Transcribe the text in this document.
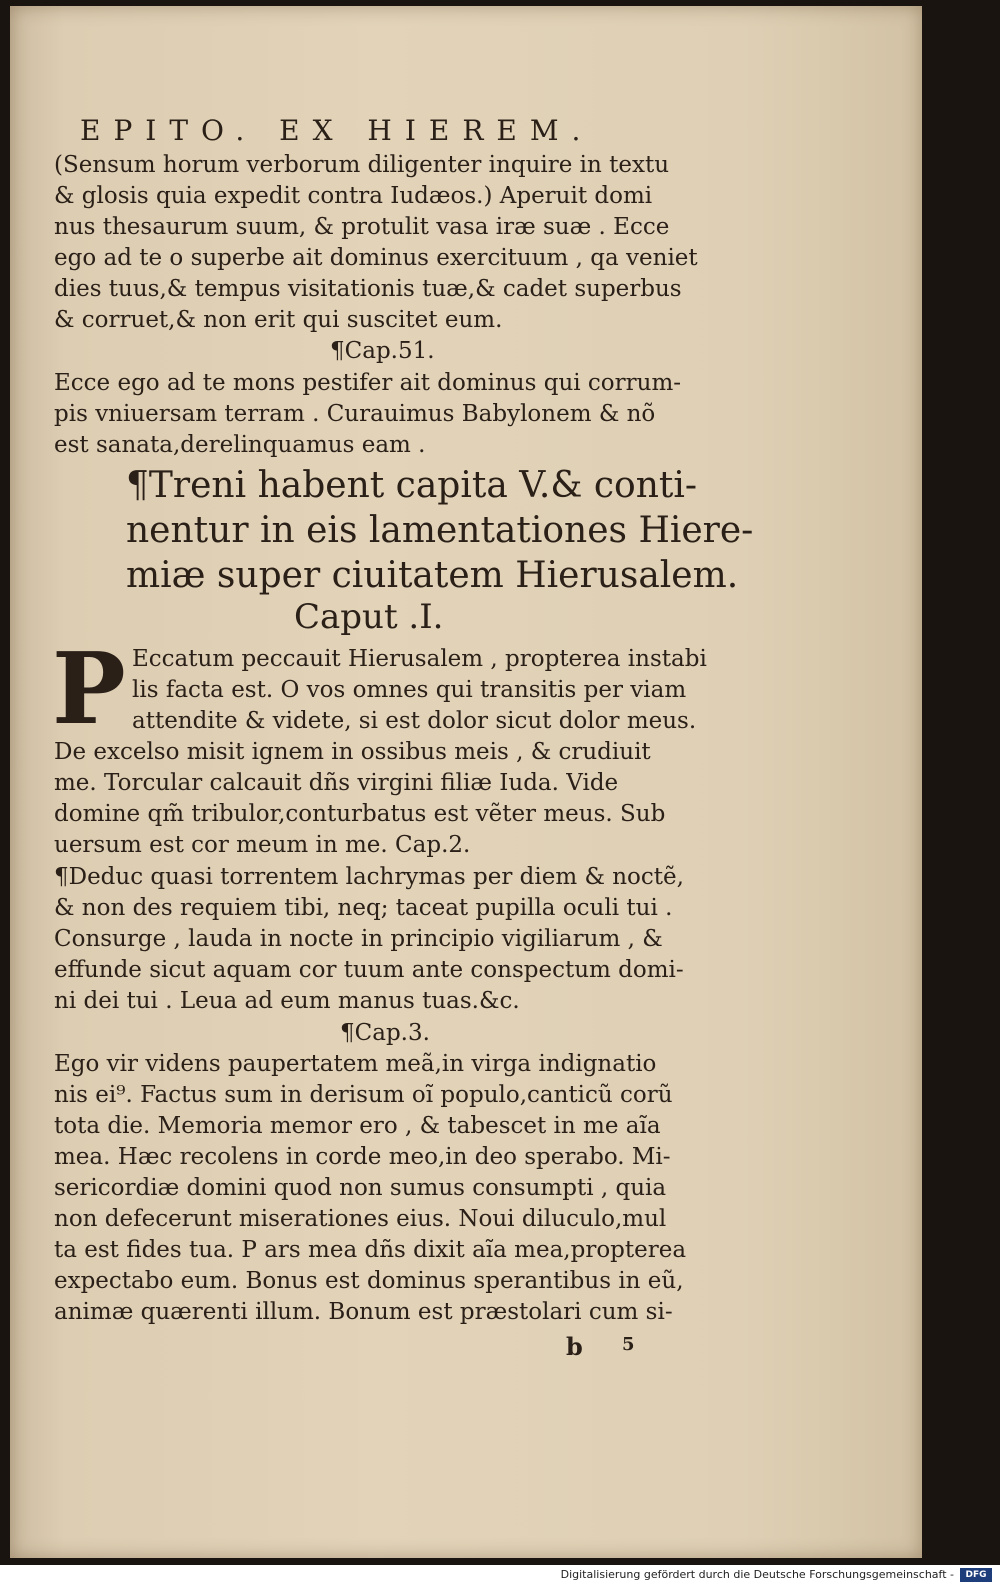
EPITO. EX HIEREM.
(Sensum horum verborum diligenter inquire in textu
& glosis quia expedit contra Iudæos.) Aperuit domi
nus thesaurum suum, & protulit vasa iræ suæ . Ecce
ego ad te o superbe ait dominus exercituum , qa veniet
dies tuus,& tempus visitationis tuæ,& cadet superbus
& corruet,& non erit qui suscitet eum.
¶Cap.51.
Ecce ego ad te mons pestifer ait dominus qui corrum-
pis vniuersam terram . Curauimus Babylonem & nõ
est sanata,derelinquamus eam .
¶Treni habent capita V.& conti-
nentur in eis lamentationes Hiere-
miæ super ciuitatem Hierusalem.
Caput .I.
P Eccatum peccauit Hierusalem , propterea instabi
lis facta est. O vos omnes qui transitis per viam
attendite & videte, si est dolor sicut dolor meus.
De excelso misit ignem in ossibus meis , & crudiuit
me. Torcular calcauit dñs virgini filiæ Iuda. Vide
domine qm̃ tribulor,conturbatus est vẽter meus. Sub
uersum est cor meum in me. Cap.2.
¶Deduc quasi torrentem lachrymas per diem & noctẽ,
& non des requiem tibi, neq; taceat pupilla oculi tui .
Consurge , lauda in nocte in principio vigiliarum , &
effunde sicut aquam cor tuum ante conspectum domi-
ni dei tui . Leua ad eum manus tuas.&c.
¶Cap.3.
Ego vir videns paupertatem meã,in virga indignatio
nis ei⁹. Factus sum in derisum oĩ populo,canticũ corũ
tota die. Memoria memor ero , & tabescet in me aĩa
mea. Hæc recolens in corde meo,in deo sperabo. Mi-
sericordiæ domini quod non sumus consumpti , quia
non defecerunt miserationes eius. Noui diluculo,mul
ta est fides tua. P ars mea dñs dixit aĩa mea,propterea
expectabo eum. Bonus est dominus sperantibus in eũ,
animæ quærenti illum. Bonum est præstolari cum si-
b 5
Digitalisierung gefördert durch die Deutsche Forschungsgemeinschaft -	DFG
